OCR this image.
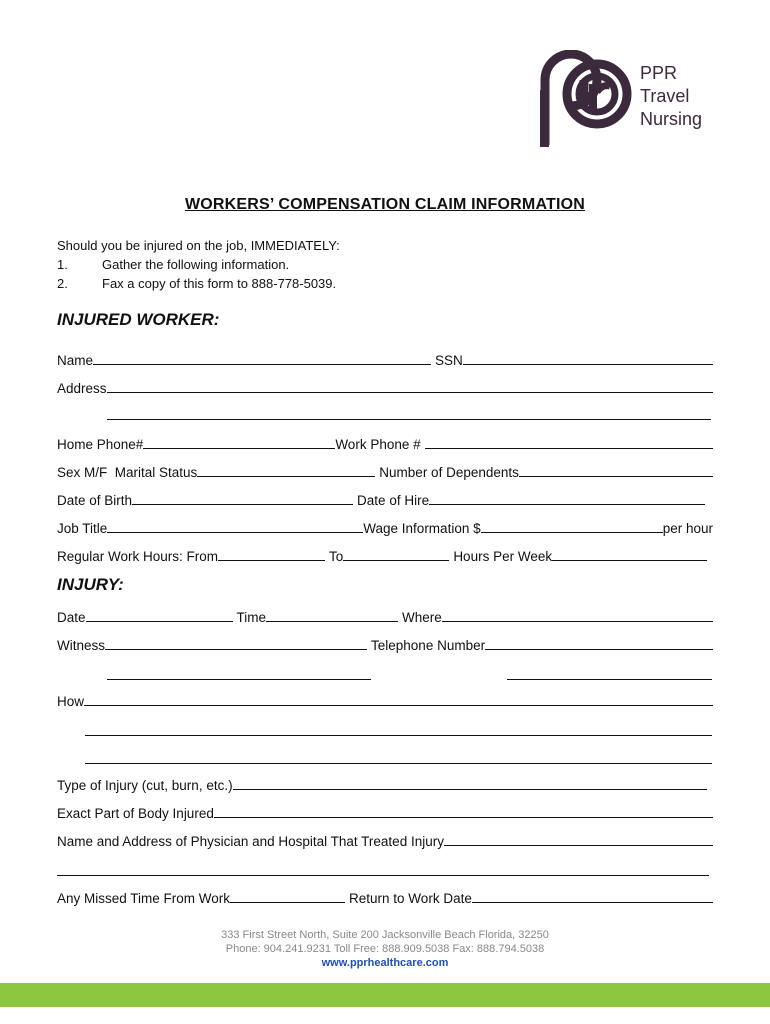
PPR
Travel
Nursing
WORKERS’ COMPENSATION CLAIM INFORMATION
Should you be injured on the job, IMMEDIATELY:
1.	Gather the following information.
2.	Fax a copy of this form to 888-778-5039.
INJURED WORKER:
Name	SSN
Address
Home Phone#	Work Phone #
Sex M/F  Marital Status	Number of Dependents
Date of Birth	Date of Hire
Job Title	Wage Information $	per hour
Regular Work Hours: From	To	Hours Per Week
INJURY:
Date	Time	Where
Witness	Telephone Number
How
Type of Injury (cut, burn, etc.)
Exact Part of Body Injured
Name and Address of Physician and Hospital That Treated Injury
Any Missed Time From Work	Return to Work Date
333 First Street North, Suite 200 Jacksonville Beach Florida, 32250
Phone: 904.241.9231 Toll Free: 888.909.5038 Fax: 888.794.5038
www.pprhealthcare.com
